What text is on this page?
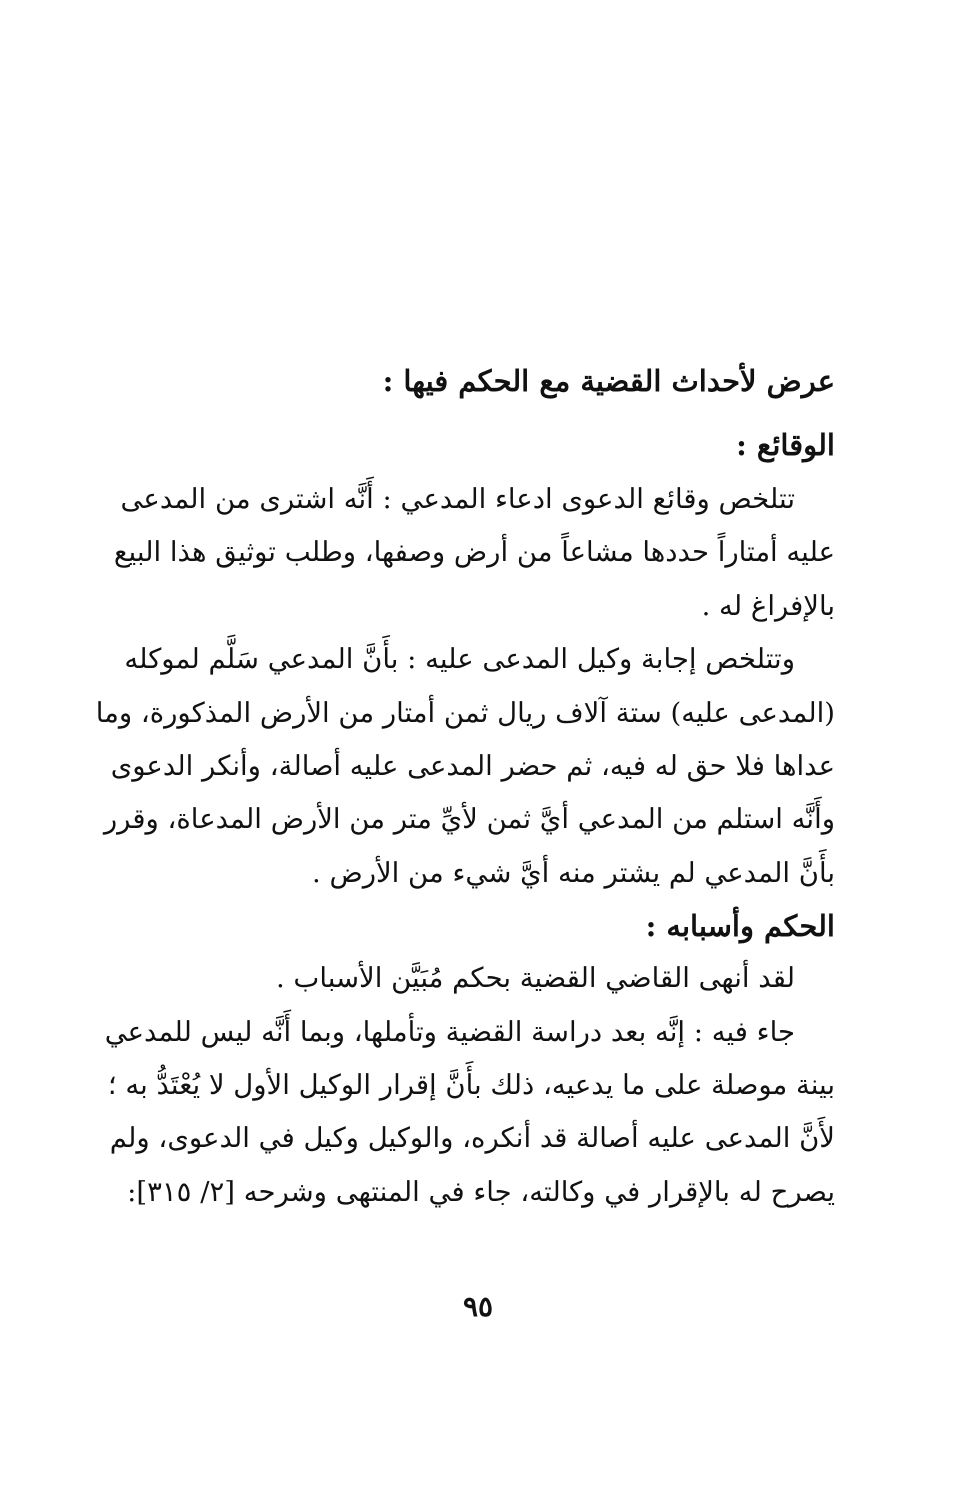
عرض لأحداث القضية مع الحكم فيها :
الوقائع :

تتلخص وقائع الدعوى ادعاء المدعي : أَنَّه اشترى من المدعى
عليه أمتاراً حددها مشاعاً من أرض وصفها، وطلب توثيق هذا البيع
بالإفراغ له .

وتتلخص إجابة وكيل المدعى عليه : بأَنَّ المدعي سَلَّم لموكله
(المدعى عليه) ستة آلاف ريال ثمن أمتار من الأرض المذكورة، وما
عداها فلا حق له فيه، ثم حضر المدعى عليه أصالة، وأنكر الدعوى
وأَنَّه استلم من المدعي أيَّ ثمن لأيِّ متر من الأرض المدعاة، وقرر
بأَنَّ المدعي لم يشتر منه أيَّ شيء من الأرض .

الحكم وأسبابه :

لقد أنهى القاضي القضية بحكم مُبَيَّن الأسباب .

جاء فيه : إنَّه بعد دراسة القضية وتأملها، وبما أَنَّه ليس للمدعي
بينة موصلة على ما يدعيه، ذلك بأَنَّ إقرار الوكيل الأول لا يُعْتَدُّ به ؛
لأَنَّ المدعى عليه أصالة قد أنكره، والوكيل وكيل في الدعوى، ولم
يصرح له بالإقرار في وكالته، جاء في المنتهى وشرحه [٢/ ٣١٥]:

٩٥
